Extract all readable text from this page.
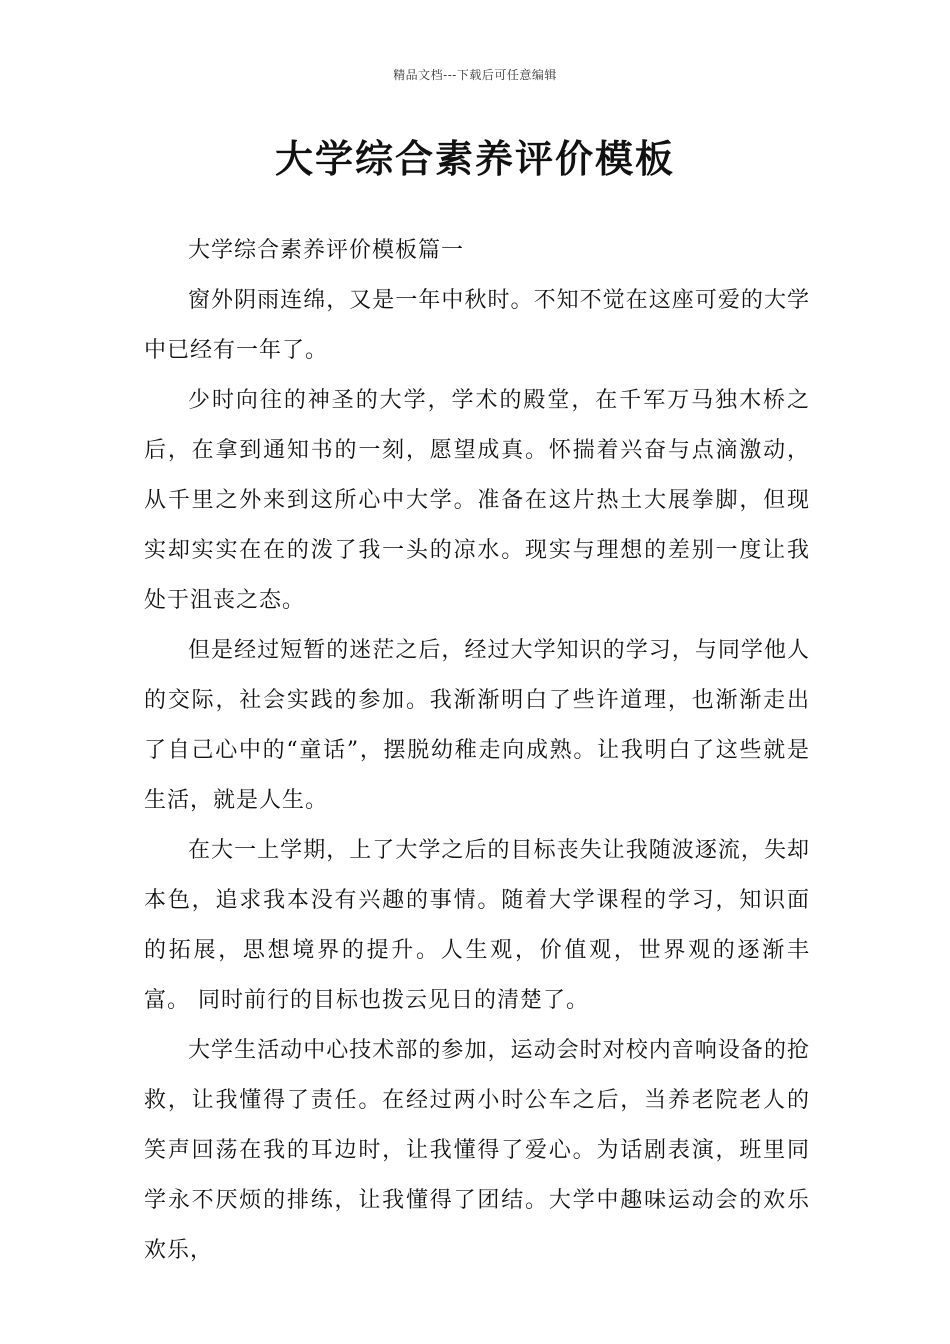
精品文档---下载后可任意编辑
大学综合素养评价模板

大学综合素养评价模板篇一

窗外阴雨连绵，又是一年中秋时。不知不觉在这座可爱的大学中已经有一年了。

少时向往的神圣的大学，学术的殿堂，在千军万马独木桥之后，在拿到通知书的一刻，愿望成真。怀揣着兴奋与点滴激动，从千里之外来到这所心中大学。准备在这片热土大展拳脚，但现实却实实在在的泼了我一头的凉水。现实与理想的差别一度让我处于沮丧之态。

但是经过短暂的迷茫之后，经过大学知识的学习，与同学他人的交际，社会实践的参加。我渐渐明白了些许道理，也渐渐走出了自己心中的“童话”，摆脱幼稚走向成熟。让我明白了这些就是生活，就是人生。

在大一上学期，上了大学之后的目标丧失让我随波逐流，失却本色，追求我本没有兴趣的事情。随着大学课程的学习，知识面的拓展，思想境界的提升。人生观，价值观，世界观的逐渐丰富。 同时前行的目标也拨云见日的清楚了。

大学生活动中心技术部的参加，运动会时对校内音响设备的抢救，让我懂得了责任。在经过两小时公车之后，当养老院老人的笑声回荡在我的耳边时，让我懂得了爱心。为话剧表演，班里同学永不厌烦的排练，让我懂得了团结。大学中趣味运动会的欢乐欢乐，
